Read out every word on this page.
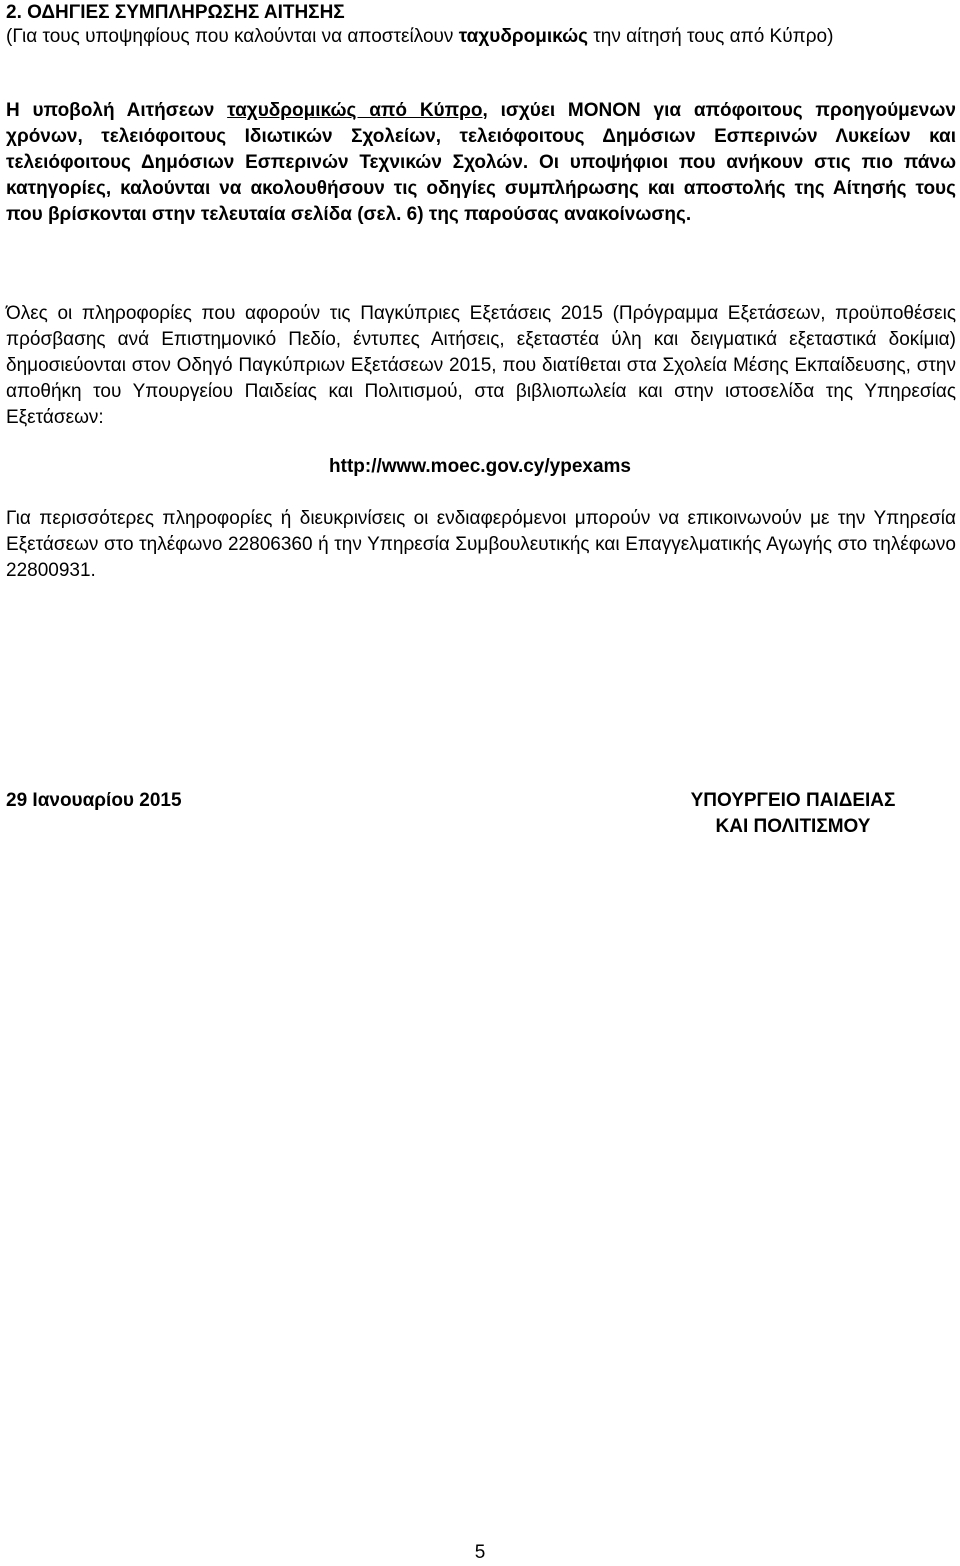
2. ΟΔΗΓΙΕΣ ΣΥΜΠΛΗΡΩΣΗΣ ΑΙΤΗΣΗΣ
(Για τους υποψηφίους που καλούνται να αποστείλουν ταχυδρομικώς την αίτησή τους από Κύπρο)
Η υποβολή Αιτήσεων ταχυδρομικώς από Κύπρο, ισχύει ΜΟΝΟΝ για απόφοιτους προηγούμενων χρόνων, τελειόφοιτους Ιδιωτικών Σχολείων, τελειόφοιτους Δημόσιων Εσπερινών Λυκείων και τελειόφοιτους Δημόσιων Εσπερινών Τεχνικών Σχολών. Οι υποψήφιοι που ανήκουν στις πιο πάνω κατηγορίες, καλούνται να ακολουθήσουν τις οδηγίες συμπλήρωσης και αποστολής της Αίτησής τους που βρίσκονται στην τελευταία σελίδα (σελ. 6) της παρούσας ανακοίνωσης.
Όλες οι πληροφορίες που αφορούν τις Παγκύπριες Εξετάσεις 2015 (Πρόγραμμα Εξετάσεων, προϋποθέσεις πρόσβασης ανά Επιστημονικό Πεδίο, έντυπες Αιτήσεις, εξεταστέα ύλη και δειγματικά εξεταστικά δοκίμια) δημοσιεύονται στον Οδηγό Παγκύπριων Εξετάσεων 2015, που διατίθεται στα Σχολεία Μέσης Εκπαίδευσης, στην αποθήκη του Υπουργείου Παιδείας και Πολιτισμού, στα βιβλιοπωλεία και στην ιστοσελίδα της Υπηρεσίας Εξετάσεων:
http://www.moec.gov.cy/ypexams
Για περισσότερες πληροφορίες ή διευκρινίσεις οι ενδιαφερόμενοι μπορούν να επικοινωνούν με την Υπηρεσία Εξετάσεων στο τηλέφωνο 22806360 ή την Υπηρεσία Συμβουλευτικής και Επαγγελματικής Αγωγής στο τηλέφωνο 22800931.
29 Ιανουαρίου 2015	ΥΠΟΥΡΓΕΙΟ ΠΑΙΔΕΙΑΣ
ΚΑΙ ΠΟΛΙΤΙΣΜΟΥ
5
